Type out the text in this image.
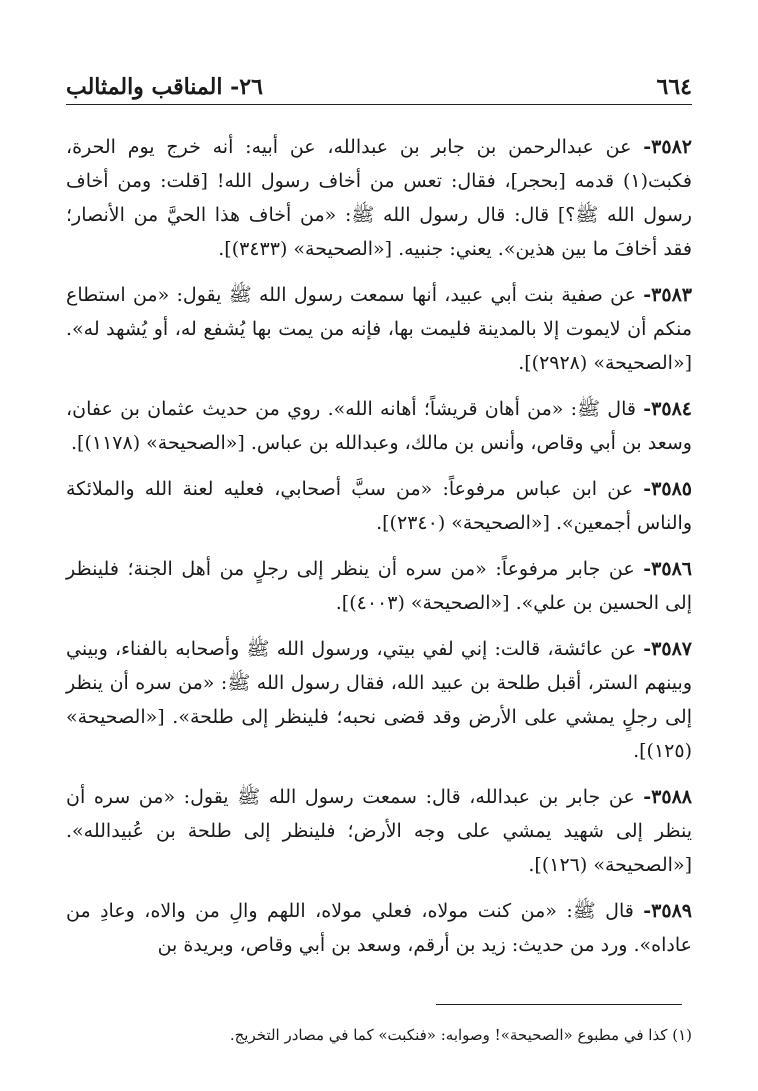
٦٦٤
٢٦- المناقب والمثالب

٣٥٨٢- عن عبدالرحمن بن جابر بن عبدالله، عن أبيه: أنه خرج يوم الحرة، فكبت(١) قدمه [بحجر]، فقال: تعس من أخاف رسول الله! [قلت: ومن أخاف رسول الله ﷺ؟] قال: قال رسول الله ﷺ: «من أخاف هذا الحيَّ من الأنصار؛ فقد أخافَ ما بين هذين». يعني: جنبيه. [«الصحيحة» (٣٤٣٣)].

٣٥٨٣- عن صفية بنت أبي عبيد، أنها سمعت رسول الله ﷺ يقول: «من استطاع منكم أن لايموت إلا بالمدينة فليمت بها، فإنه من يمت بها يُشفع له، أو يُشهد له». [«الصحيحة» (٢٩٢٨)].

٣٥٨٤- قال ﷺ: «من أهان قريشاً؛ أهانه الله». روي من حديث عثمان بن عفان، وسعد بن أبي وقاص، وأنس بن مالك، وعبدالله بن عباس. [«الصحيحة» (١١٧٨)].

٣٥٨٥- عن ابن عباس مرفوعاً: «من سبَّ أصحابي، فعليه لعنة الله والملائكة والناس أجمعين». [«الصحيحة» (٢٣٤٠)].

٣٥٨٦- عن جابر مرفوعاً: «من سره أن ينظر إلى رجلٍ من أهل الجنة؛ فلينظر إلى الحسين بن علي». [«الصحيحة» (٤٠٠٣)].

٣٥٨٧- عن عائشة، قالت: إني لفي بيتي، ورسول الله ﷺ وأصحابه بالفناء، وبيني وبينهم الستر، أقبل طلحة بن عبيد الله، فقال رسول الله ﷺ: «من سره أن ينظر إلى رجلٍ يمشي على الأرض وقد قضى نحبه؛ فلينظر إلى طلحة». [«الصحيحة» (١٢٥)].

٣٥٨٨- عن جابر بن عبدالله، قال: سمعت رسول الله ﷺ يقول: «من سره أن ينظر إلى شهيد يمشي على وجه الأرض؛ فلينظر إلى طلحة بن عُبيدالله». [«الصحيحة» (١٢٦)].

٣٥٨٩- قال ﷺ: «من كنت مولاه، فعلي مولاه، اللهم والِ من والاه، وعادِ من عاداه». ورد من حديث: زيد بن أرقم، وسعد بن أبي وقاص، وبريدة بن

(١) كذا في مطبوع «الصحيحة»! وصوابه: «فنكبت» كما في مصادر التخريج.
